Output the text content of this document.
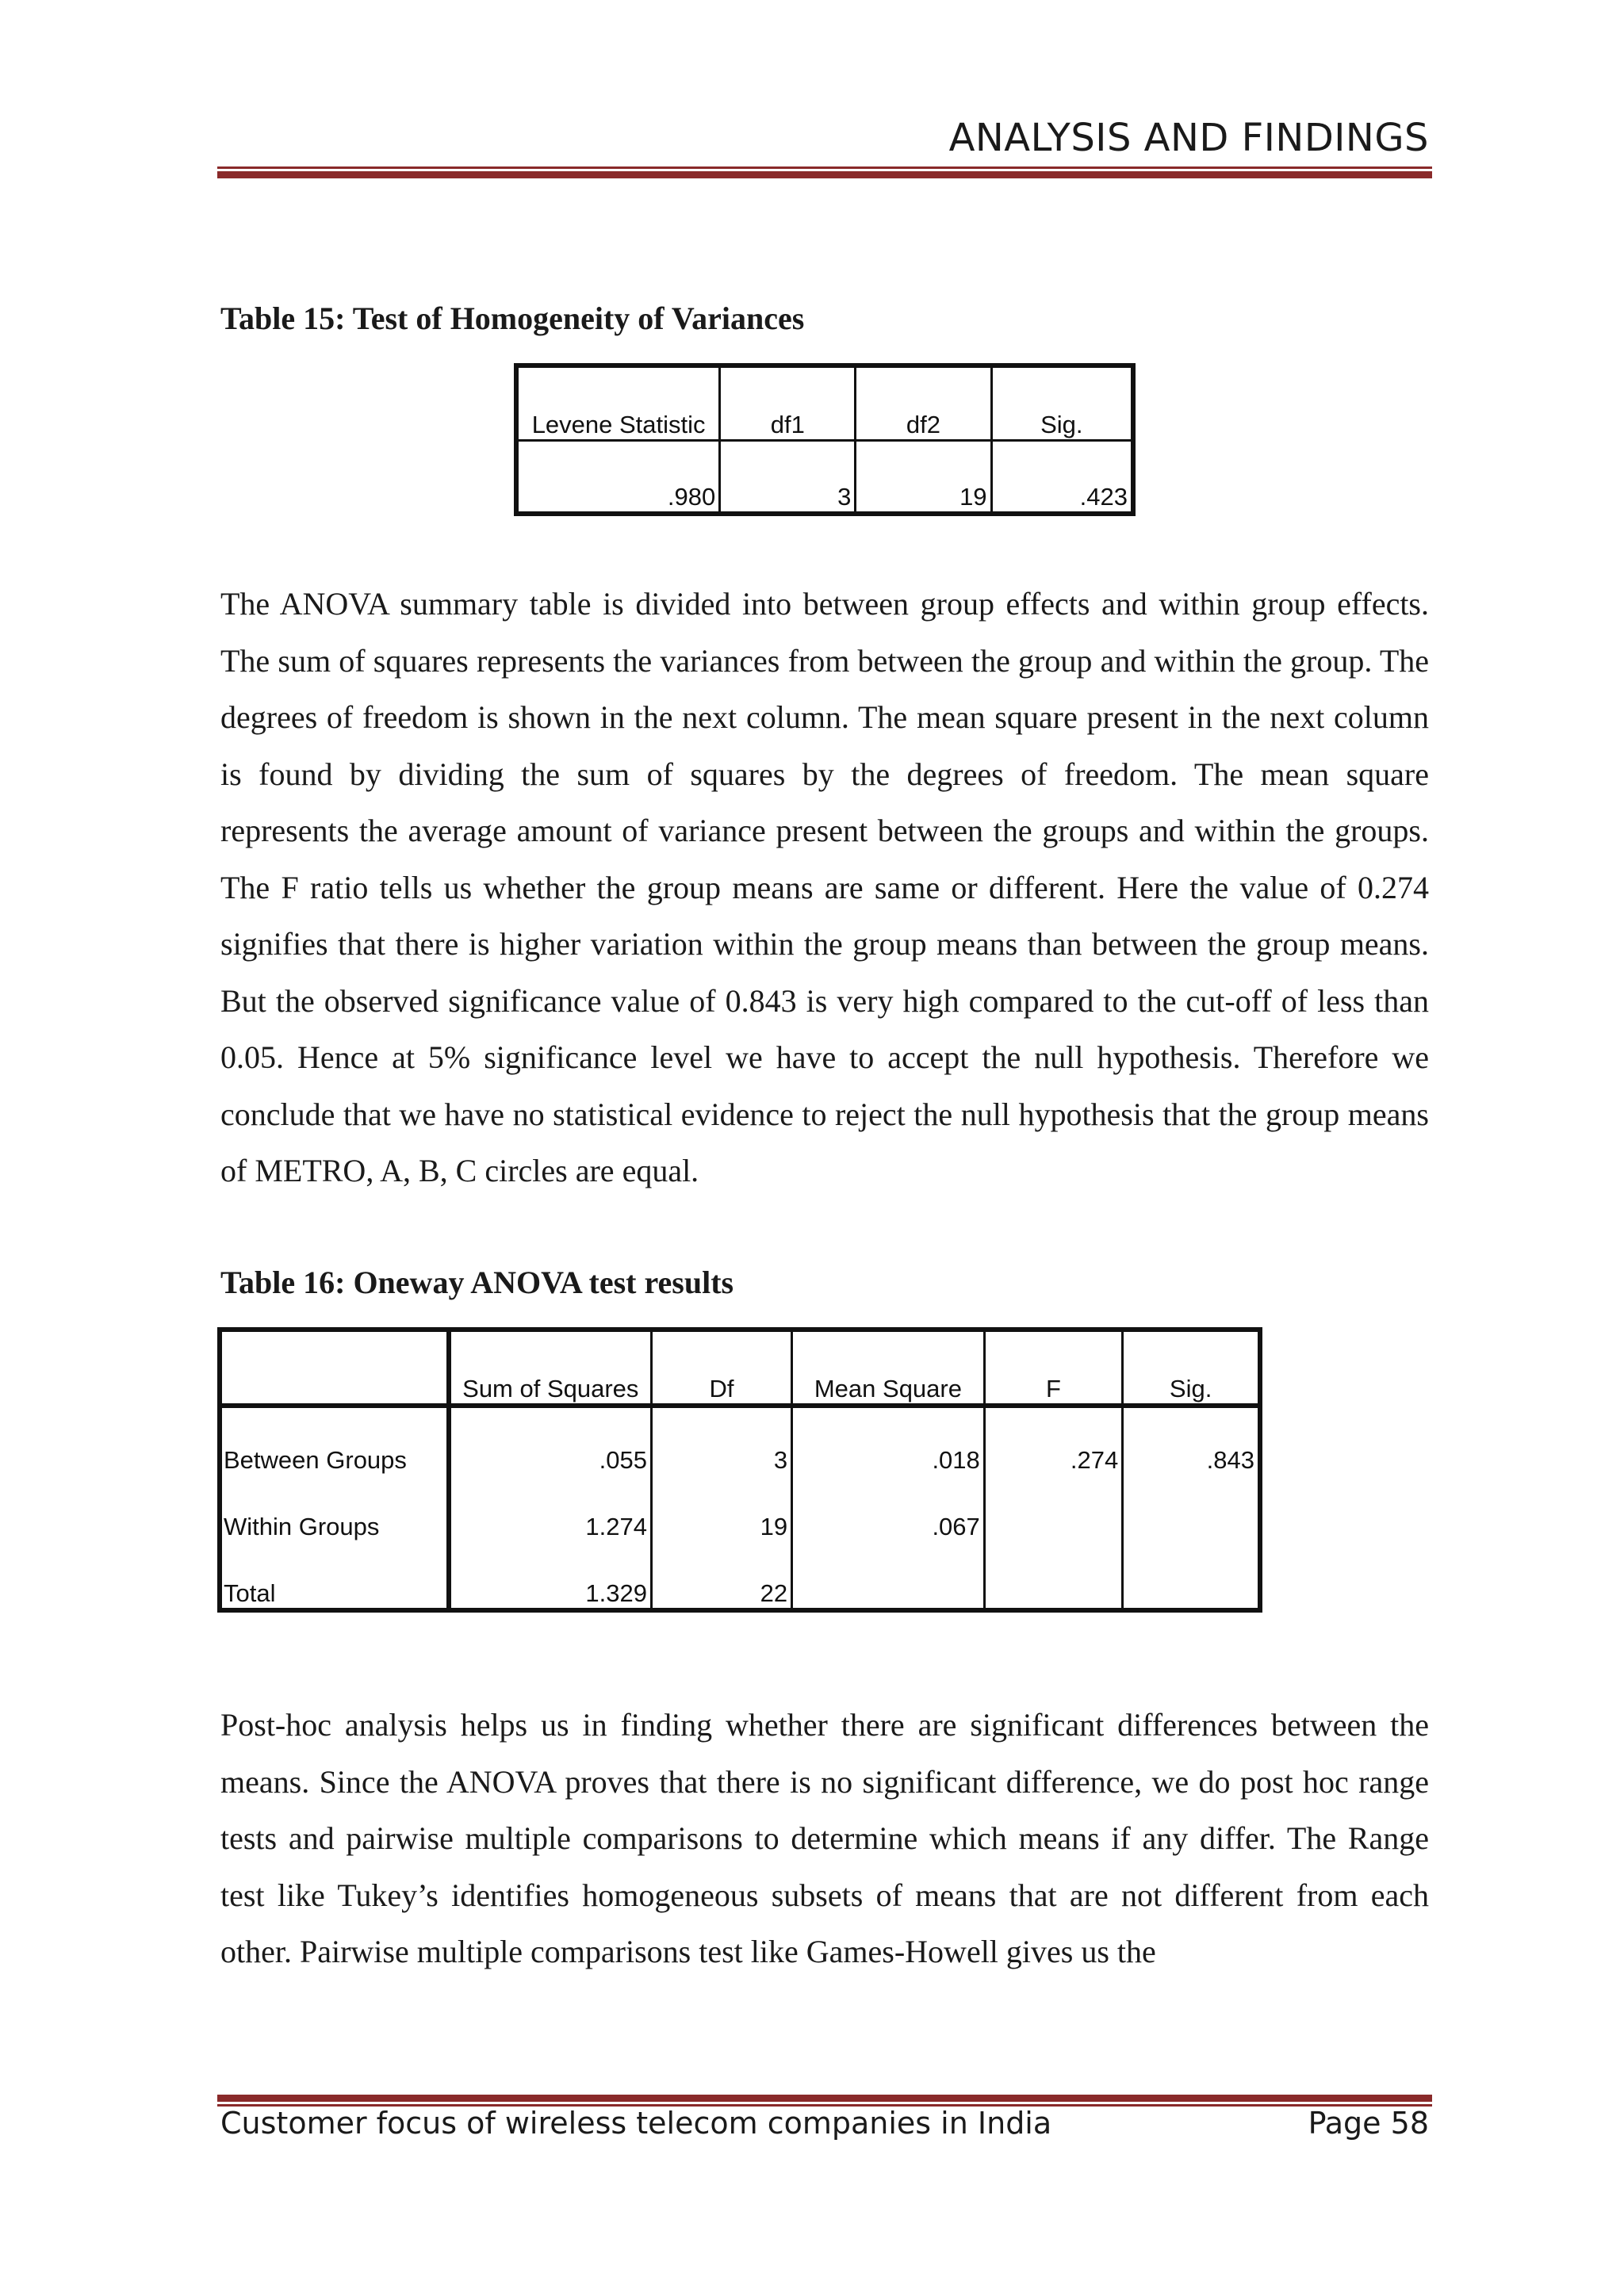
ANALYSIS AND FINDINGS
Table 15: Test of Homogeneity of Variances
Levene Statistic	df1	df2	Sig.
.980	3	19	.423

The ANOVA summary table is divided into between group effects and within group effects. The sum of squares represents the variances from between the group and within the group. The degrees of freedom is shown in the next column. The mean square present in the next column is found by dividing the sum of squares by the degrees of freedom. The mean square represents the average amount of variance present between the groups and within the groups. The F ratio tells us whether the group means are same or different. Here the value of 0.274 signifies that there is higher variation within the group means than between the group means. But the observed significance value of 0.843 is very high compared to the cut-off of less than 0.05. Hence at 5% significance level we have to accept the null hypothesis. Therefore we conclude that we have no statistical evidence to reject the null hypothesis that the group means of METRO, A, B, C circles are equal.

Table 16: Oneway ANOVA test results
	Sum of Squares	Df	Mean Square	F	Sig.
Between Groups	.055	3	.018	.274	.843
Within Groups	1.274	19	.067		
Total	1.329	22			

Post-hoc analysis helps us in finding whether there are significant differences between the means. Since the ANOVA proves that there is no significant difference, we do post hoc range tests and pairwise multiple comparisons to determine which means if any differ. The Range test like Tukey’s identifies homogeneous subsets of means that are not different from each other. Pairwise multiple comparisons test like Games-Howell gives us the

Customer focus of wireless telecom companies in India	Page 58
